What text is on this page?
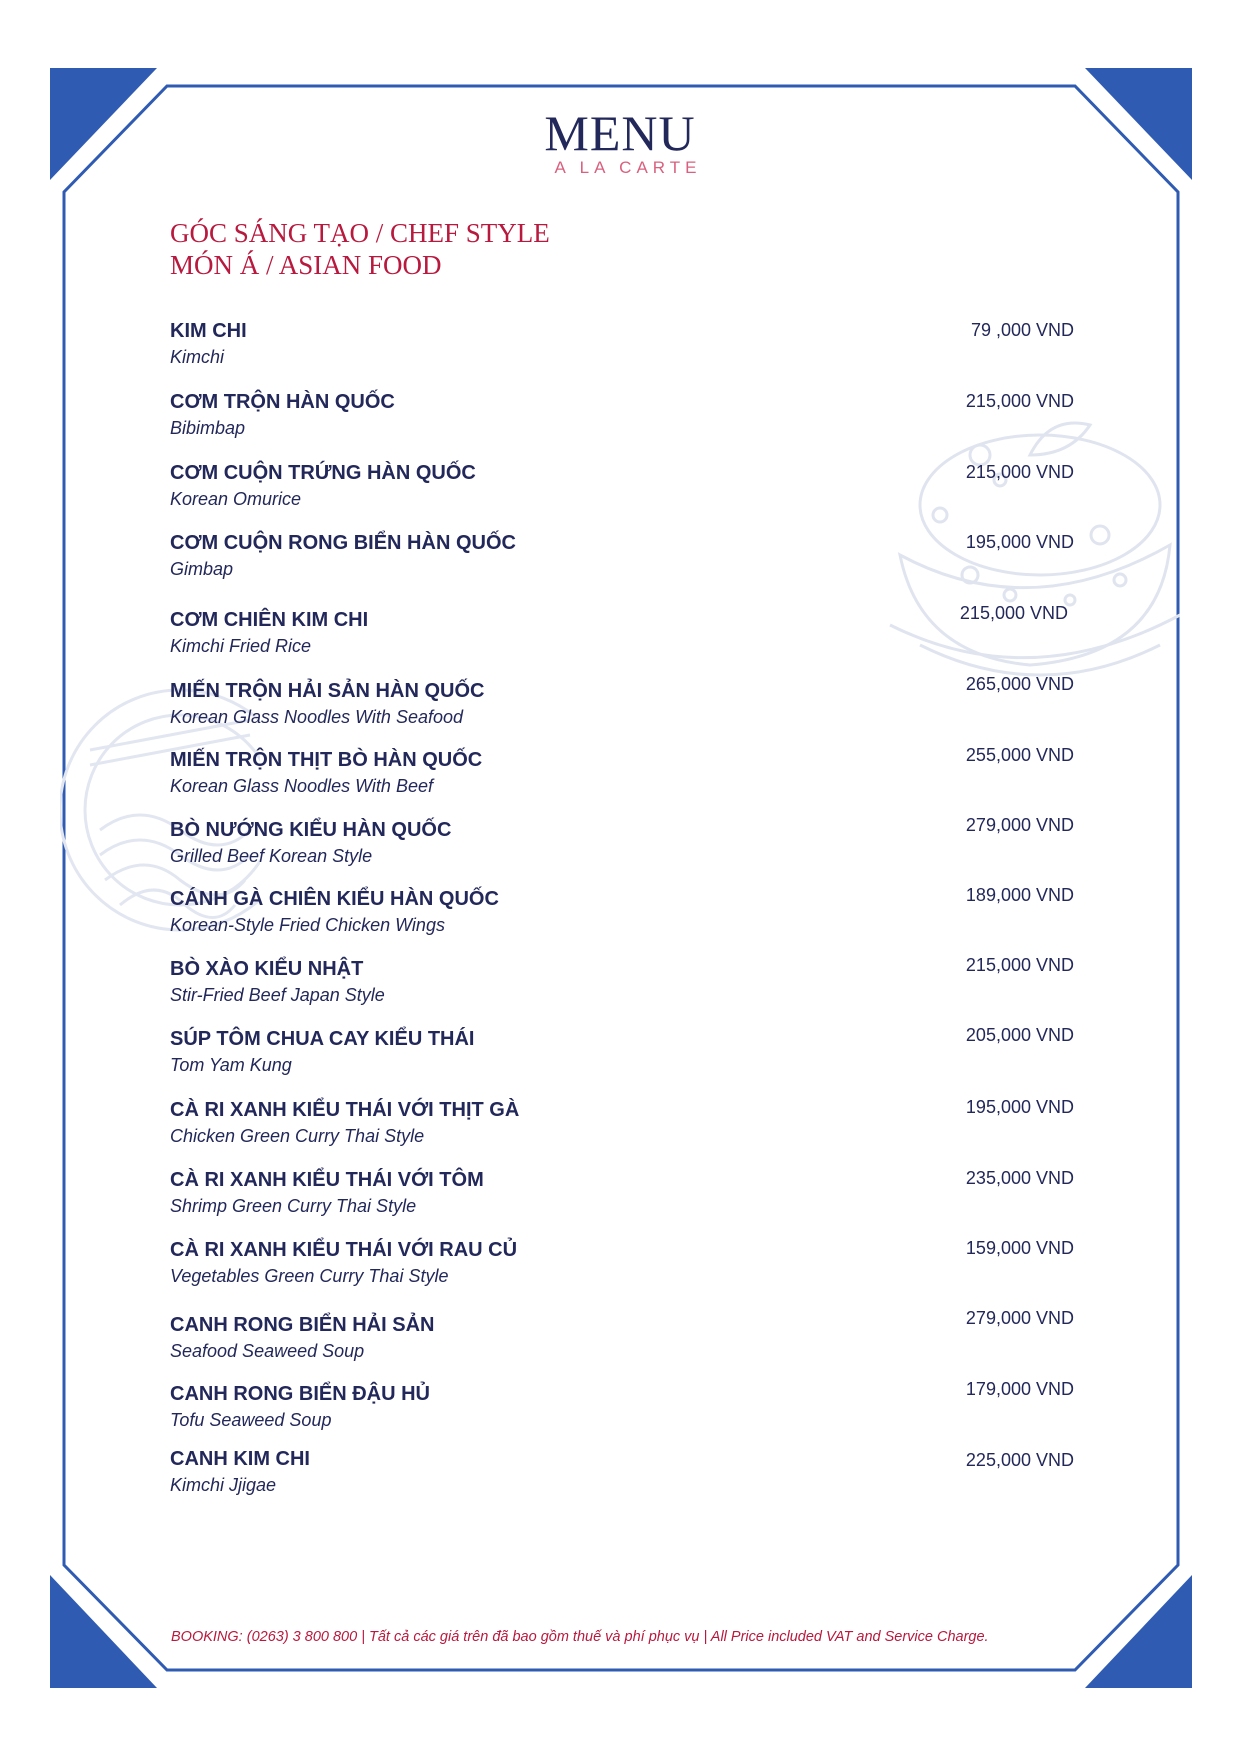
MENU
A LA CARTE
GÓC SÁNG TẠO / CHEF STYLE
MÓN Á / ASIAN FOOD
KIM CHI
Kimchi
79 ,000 VND
CƠM TRỘN HÀN QUỐC
Bibimbap
215,000 VND
CƠM CUỘN TRỨNG HÀN QUỐC
Korean Omurice
215,000 VND
CƠM CUỘN RONG BIỂN HÀN QUỐC
Gimbap
195,000 VND
CƠM CHIÊN KIM CHI
Kimchi Fried Rice
215,000 VND
MIẾN TRỘN HẢI SẢN HÀN QUỐC
Korean Glass Noodles With Seafood
265,000 VND
MIẾN TRỘN THỊT BÒ HÀN QUỐC
Korean Glass Noodles With Beef
255,000 VND
BÒ NƯỚNG KIỂU HÀN QUỐC
Grilled Beef Korean Style
279,000 VND
CÁNH GÀ CHIÊN KIỂU HÀN QUỐC
Korean-Style Fried Chicken Wings
189,000 VND
BÒ XÀO KIỂU NHẬT
Stir-Fried Beef Japan Style
215,000 VND
SÚP TÔM CHUA CAY KIỂU THÁI
Tom Yam Kung
205,000 VND
CÀ RI XANH KIỂU THÁI VỚI THỊT GÀ
Chicken Green Curry Thai Style
195,000 VND
CÀ RI XANH KIỂU THÁI VỚI TÔM
Shrimp Green Curry Thai Style
235,000 VND
CÀ RI XANH KIỂU THÁI VỚI RAU CỦ
Vegetables Green Curry Thai Style
159,000 VND
CANH RONG BIỂN HẢI SẢN
Seafood Seaweed Soup
279,000 VND
CANH RONG BIỂN ĐẬU HỦ
Tofu Seaweed Soup
179,000 VND
CANH KIM CHI
Kimchi Jjigae
225,000 VND
BOOKING: (0263) 3 800 800 | Tất cả các giá trên đã bao gồm thuế và phí phục vụ | All Price included VAT and Service Charge.
